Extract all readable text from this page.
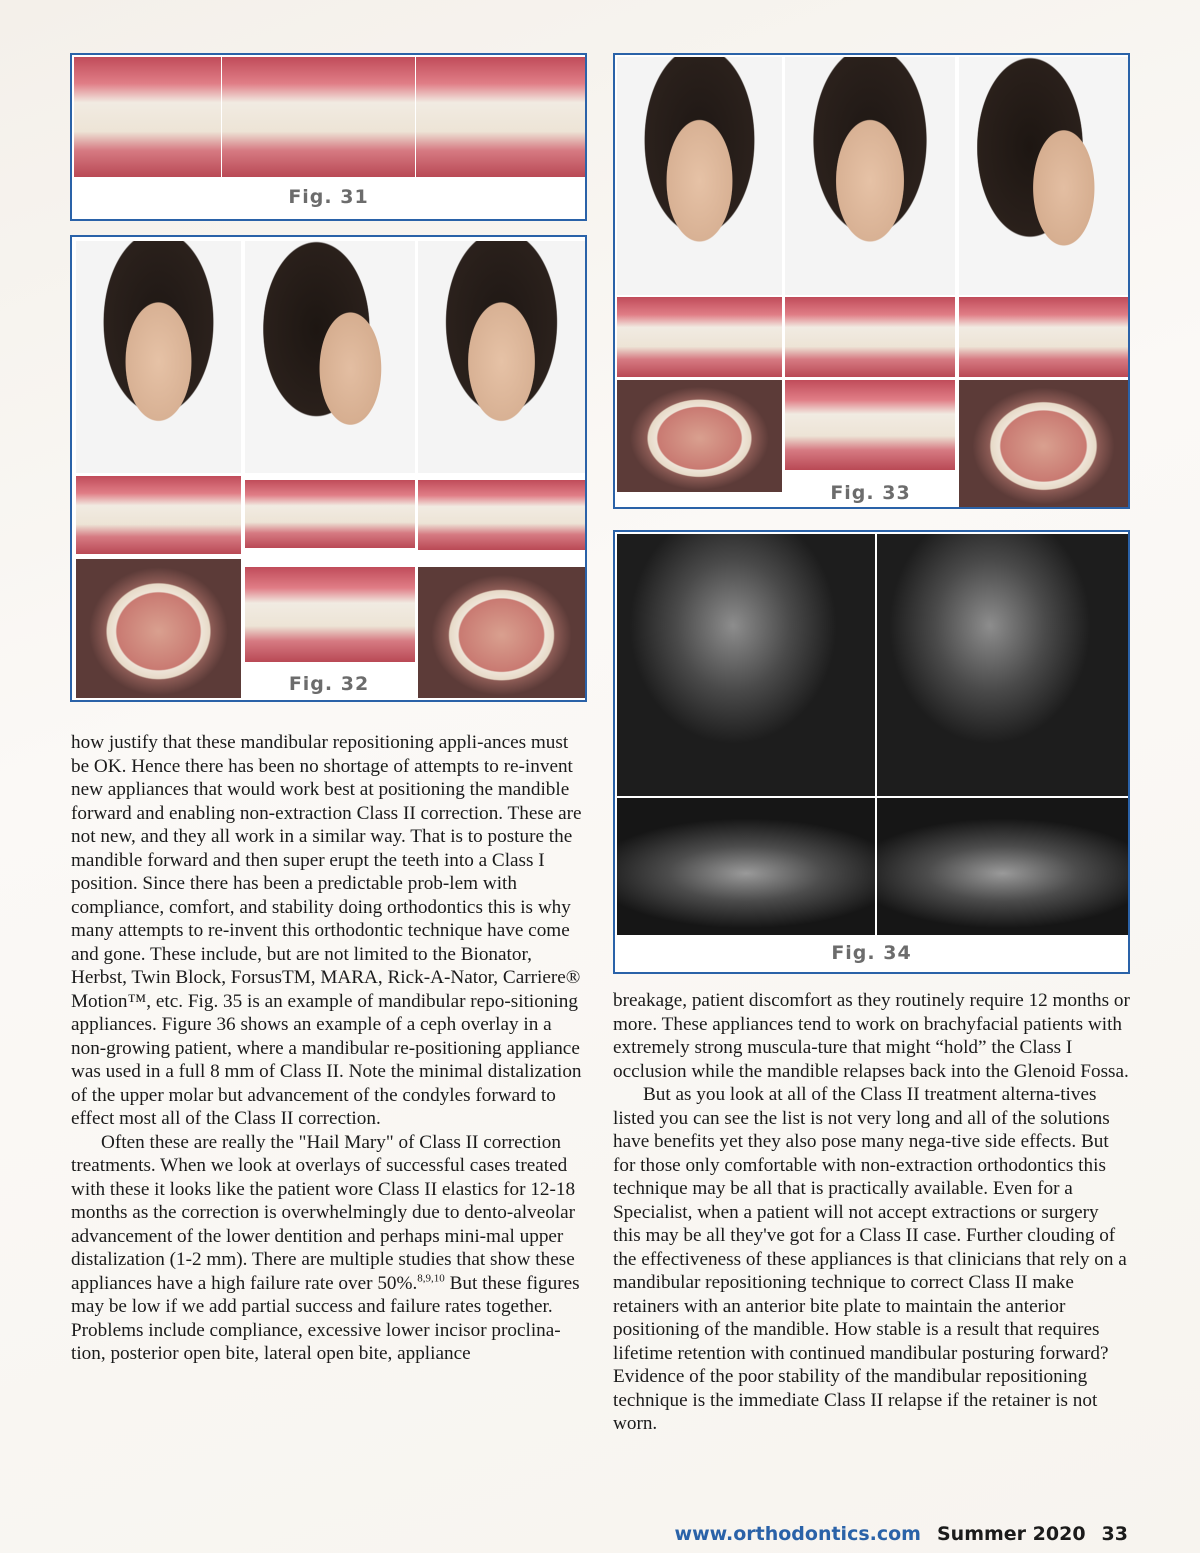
Fig. 31
Fig. 32
Fig. 33
Fig. 34

how justify that these mandibular repositioning appli-ances must be OK. Hence there has been no shortage of attempts to re-invent new appliances that would work best at positioning the mandible forward and enabling non-extraction Class II correction. These are not new, and they all work in a similar way. That is to posture the mandible forward and then super erupt the teeth into a Class I position. Since there has been a predictable prob-lem with compliance, comfort, and stability doing orthodontics this is why many attempts to re-invent this orthodontic technique have come and gone. These include, but are not limited to the Bionator, Herbst, Twin Block, ForsusTM, MARA, Rick-A-Nator, Carriere® Motion™, etc. Fig. 35 is an example of mandibular repo-sitioning appliances. Figure 36 shows an example of a ceph overlay in a non-growing patient, where a mandibular re-positioning appliance was used in a full 8 mm of Class II. Note the minimal distalization of the upper molar but advancement of the condyles forward to effect most all of the Class II correction.

Often these are really the "Hail Mary" of Class II correction treatments. When we look at overlays of successful cases treated with these it looks like the patient wore Class II elastics for 12-18 months as the correction is overwhelmingly due to dento-alveolar advancement of the lower dentition and perhaps mini-mal upper distalization (1-2 mm). There are multiple studies that show these appliances have a high failure rate over 50%.$^{8,9,10}$ But these figures may be low if we add partial success and failure rates together. Problems include compliance, excessive lower incisor proclina-tion, posterior open bite, lateral open bite, appliance

breakage, patient discomfort as they routinely require 12 months or more. These appliances tend to work on brachyfacial patients with extremely strong muscula-ture that might “hold” the Class I occlusion while the mandible relapses back into the Glenoid Fossa.

But as you look at all of the Class II treatment alterna-tives listed you can see the list is not very long and all of the solutions have benefits yet they also pose many nega-tive side effects. But for those only comfortable with non-extraction orthodontics this technique may be all that is practically available. Even for a Specialist, when a patient will not accept extractions or surgery this may be all they've got for a Class II case. Further clouding of the effectiveness of these appliances is that clinicians that rely on a mandibular repositioning technique to correct Class II make retainers with an anterior bite plate to maintain the anterior positioning of the mandible. How stable is a result that requires lifetime retention with continued mandibular posturing forward? Evidence of the poor stability of the mandibular repositioning technique is the immediate Class II relapse if the retainer is not worn.

www.orthodontics.com Summer 2020 33
